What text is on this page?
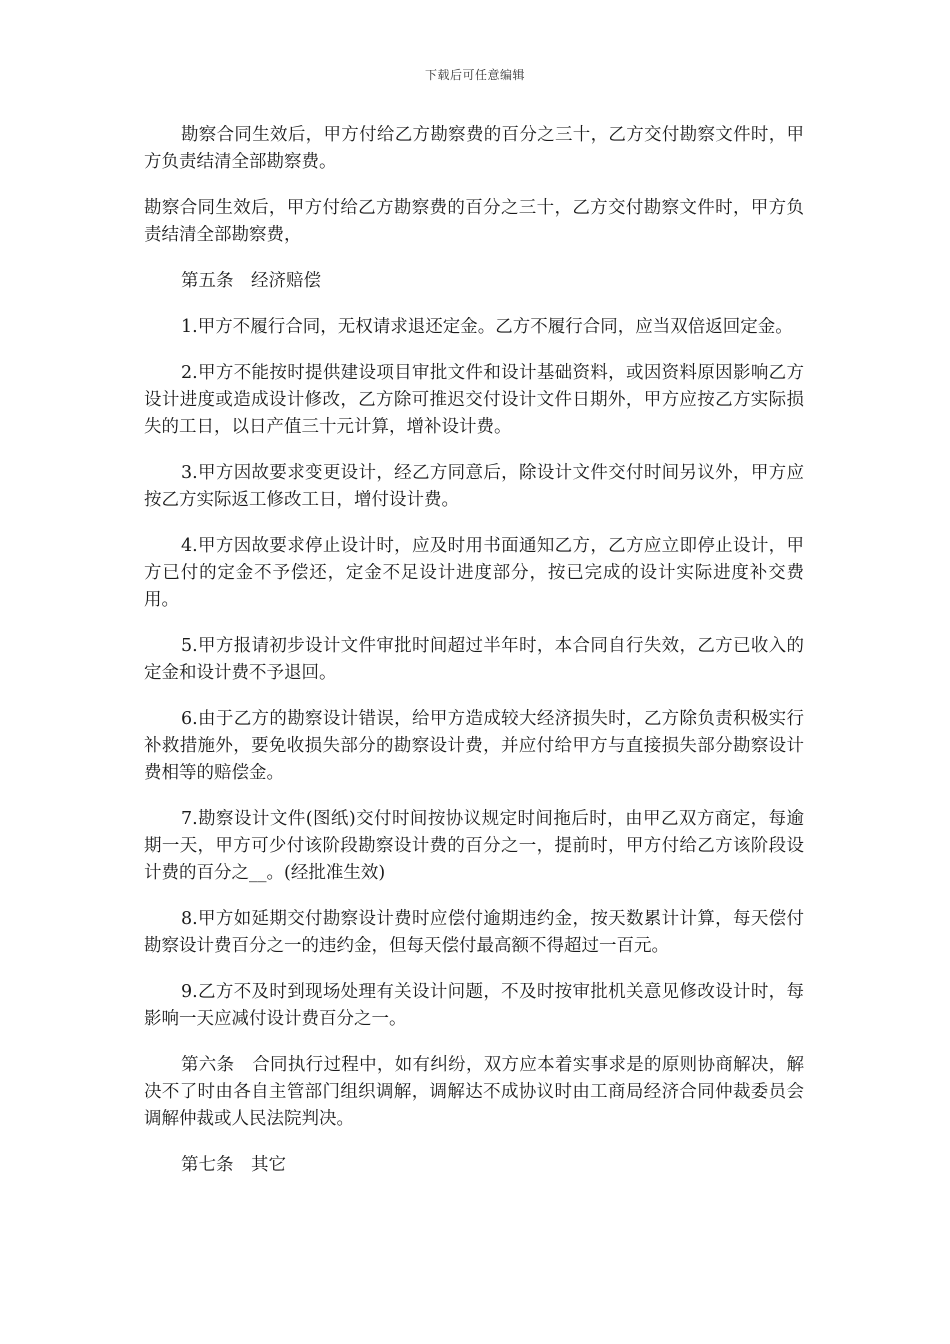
下载后可任意编辑

勘察合同生效后，甲方付给乙方勘察费的百分之三十，乙方交付勘察文件时，甲方负责结清全部勘察费。

勘察合同生效后，甲方付给乙方勘察费的百分之三十，乙方交付勘察文件时，甲方负责结清全部勘察费，

第五条　经济赔偿

1.甲方不履行合同，无权请求退还定金。乙方不履行合同，应当双倍返回定金。

2.甲方不能按时提供建设项目审批文件和设计基础资料，或因资料原因影响乙方设计进度或造成设计修改，乙方除可推迟交付设计文件日期外，甲方应按乙方实际损失的工日，以日产值三十元计算，增补设计费。

3.甲方因故要求变更设计，经乙方同意后，除设计文件交付时间另议外，甲方应按乙方实际返工修改工日，增付设计费。

4.甲方因故要求停止设计时，应及时用书面通知乙方，乙方应立即停止设计，甲方已付的定金不予偿还，定金不足设计进度部分，按已完成的设计实际进度补交费用。

5.甲方报请初步设计文件审批时间超过半年时，本合同自行失效，乙方已收入的定金和设计费不予退回。

6.由于乙方的勘察设计错误，给甲方造成较大经济损失时，乙方除负责积极实行补救措施外，要免收损失部分的勘察设计费，并应付给甲方与直接损失部分勘察设计费相等的赔偿金。

7.勘察设计文件(图纸)交付时间按协议规定时间拖后时，由甲乙双方商定，每逾期一天，甲方可少付该阶段勘察设计费的百分之一，提前时，甲方付给乙方该阶段设计费的百分之__。(经批准生效)

8.甲方如延期交付勘察设计费时应偿付逾期违约金，按天数累计计算，每天偿付勘察设计费百分之一的违约金，但每天偿付最高额不得超过一百元。

9.乙方不及时到现场处理有关设计问题，不及时按审批机关意见修改设计时，每影响一天应减付设计费百分之一。

第六条　合同执行过程中，如有纠纷，双方应本着实事求是的原则协商解决，解决不了时由各自主管部门组织调解，调解达不成协议时由工商局经济合同仲裁委员会调解仲裁或人民法院判决。

第七条　其它
